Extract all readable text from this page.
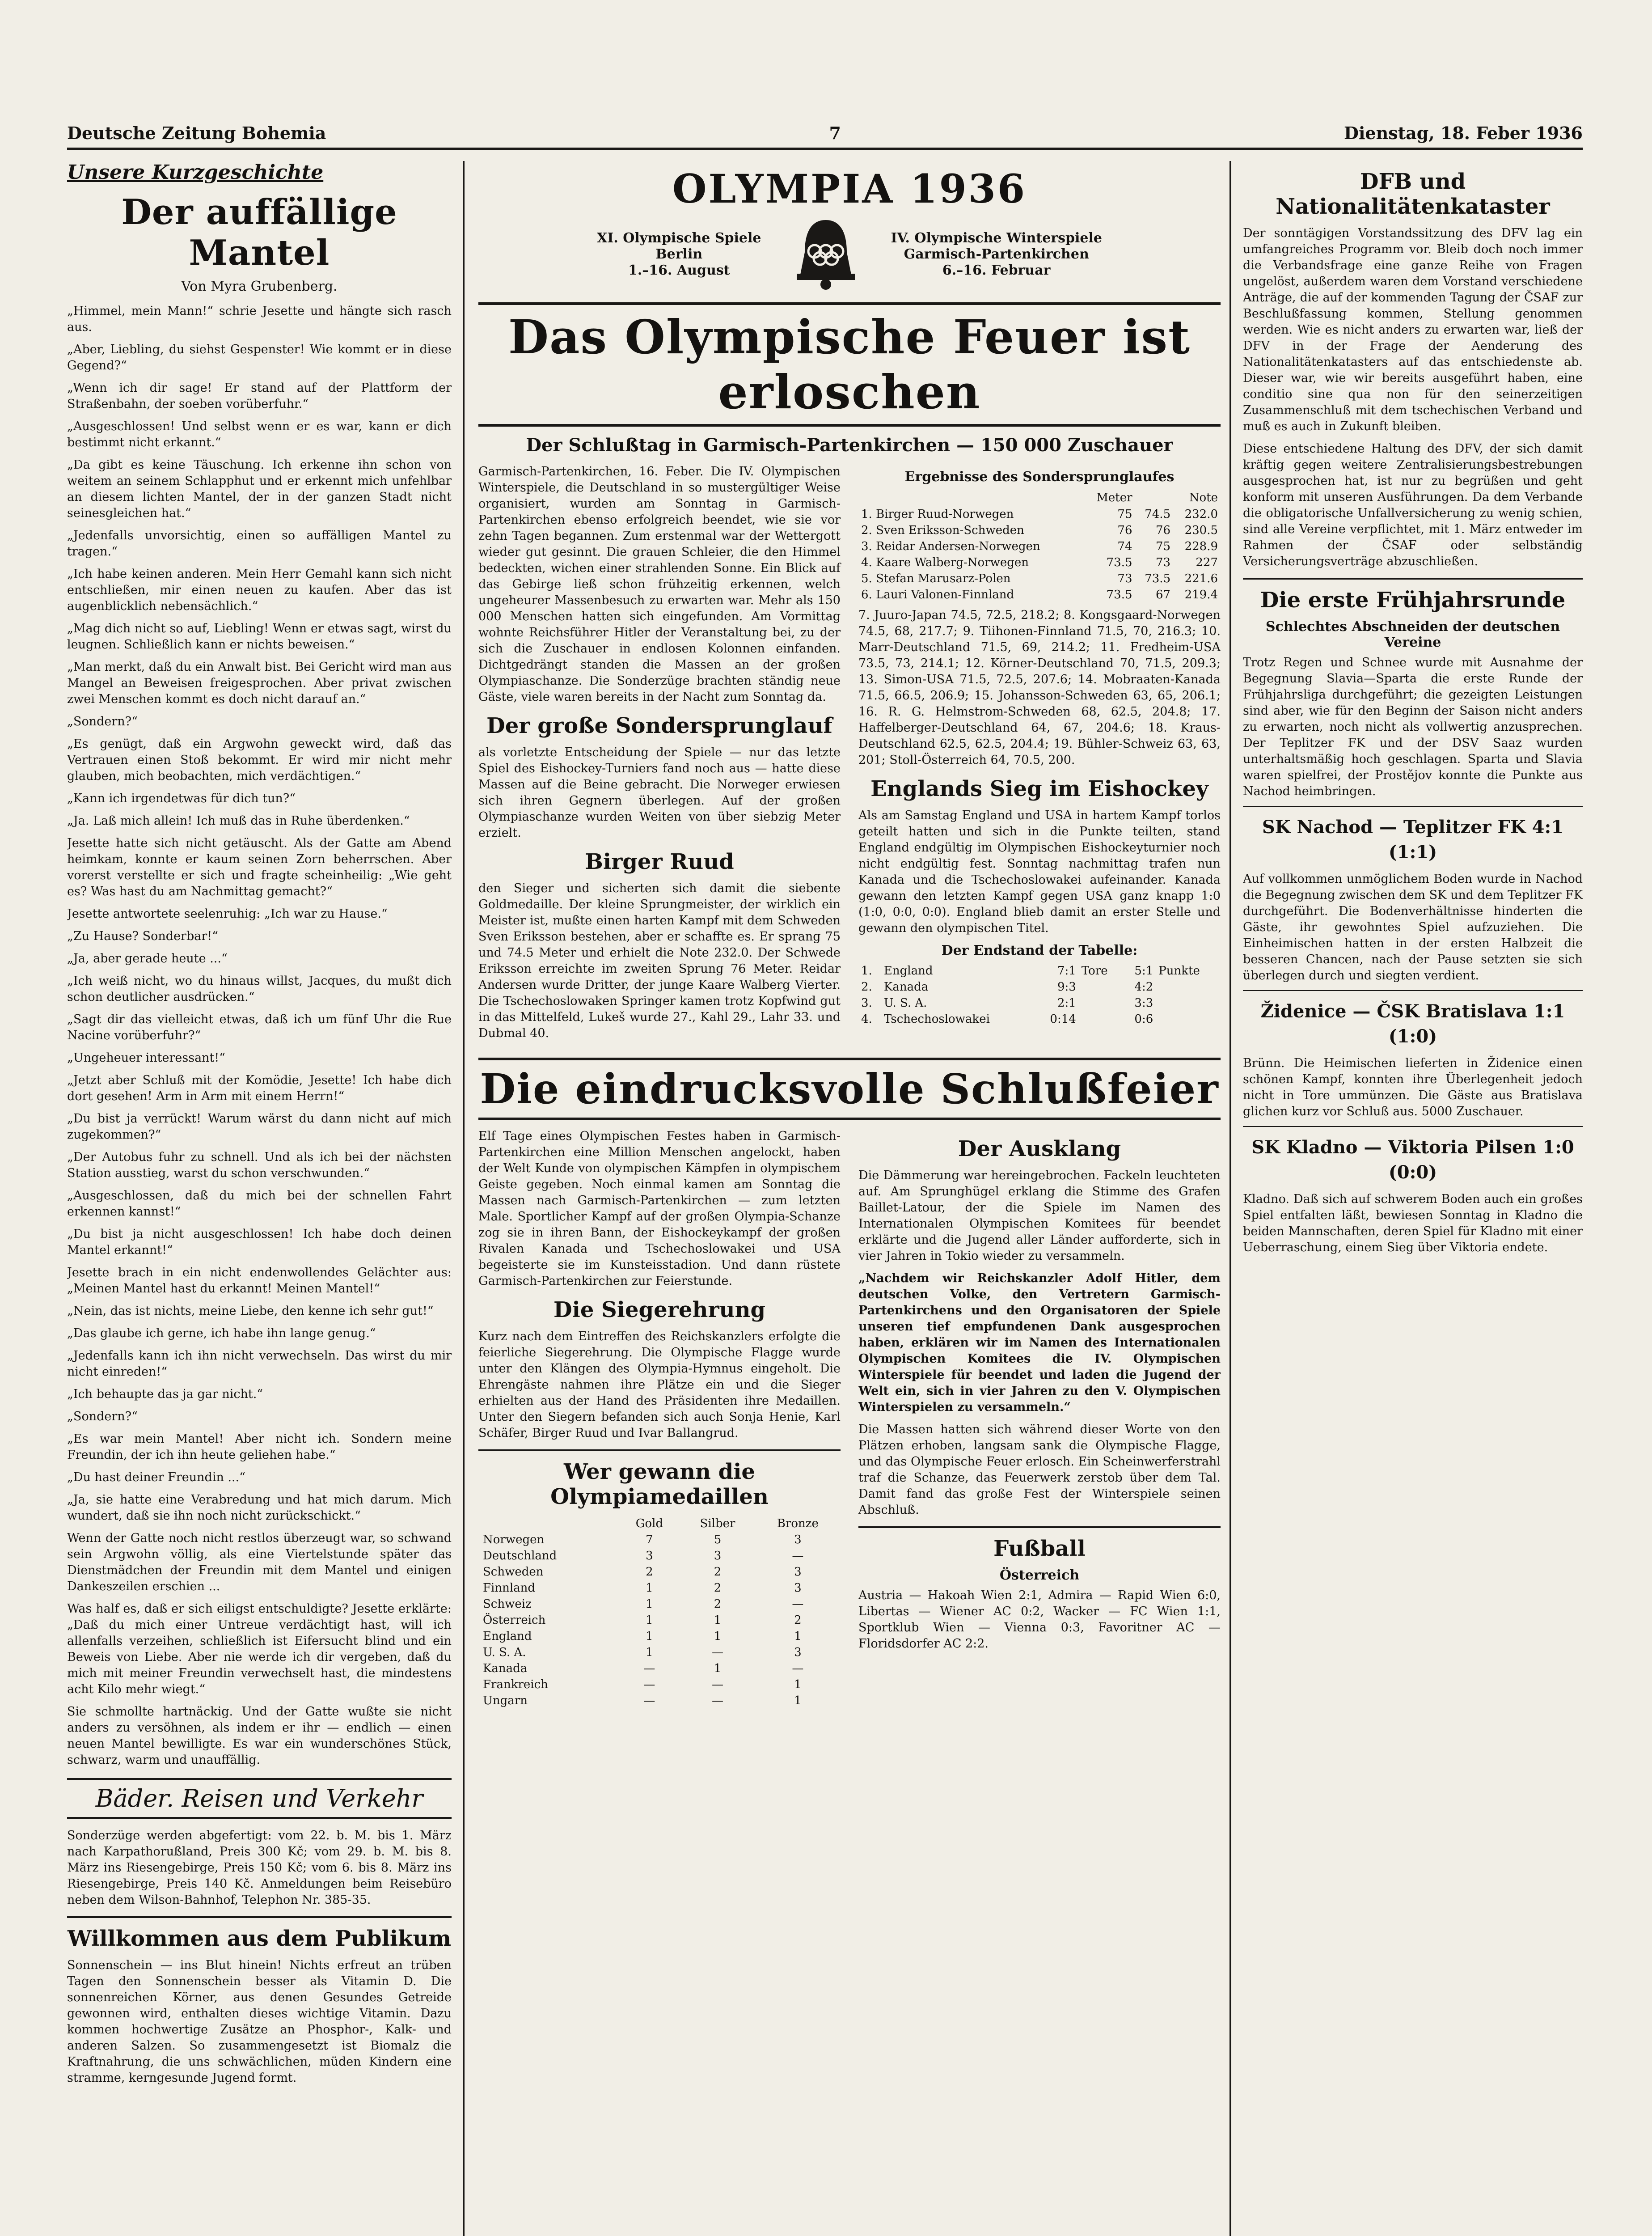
Deutsche Zeitung Bohemia	7	Dienstag, 18. Feber 1936
Unsere Kurzgeschichte
Der auffällige Mantel
Von Myra Grubenberg.

„Himmel, mein Mann!“ schrie Jesette und hängte sich rasch aus.

„Aber, Liebling, du siehst Gespenster! Wie kommt er in diese Gegend?“

„Wenn ich dir sage! Er stand auf der Plattform der Straßenbahn, der soeben vorüberfuhr.“

„Ausgeschlossen! Und selbst wenn er es war, kann er dich bestimmt nicht erkannt.“

„Da gibt es keine Täuschung. Ich erkenne ihn schon von weitem an seinem Schlapphut und er erkennt mich unfehlbar an diesem lichten Mantel, der in der ganzen Stadt nicht seinesgleichen hat.“

„Jedenfalls unvorsichtig, einen so auffälligen Mantel zu tragen.“

„Ich habe keinen anderen. Mein Herr Gemahl kann sich nicht entschließen, mir einen neuen zu kaufen. Aber das ist augenblicklich nebensächlich.“

„Mag dich nicht so auf, Liebling! Wenn er etwas sagt, wirst du leugnen. Schließlich kann er nichts beweisen.“

„Man merkt, daß du ein Anwalt bist. Bei Gericht wird man aus Mangel an Beweisen freigesprochen. Aber privat zwischen zwei Menschen kommt es doch nicht darauf an.“

„Sondern?“

„Es genügt, daß ein Argwohn geweckt wird, daß das Vertrauen einen Stoß bekommt. Er wird mir nicht mehr glauben, mich beobachten, mich verdächtigen.“

„Kann ich irgendetwas für dich tun?“

„Ja. Laß mich allein! Ich muß das in Ruhe überdenken.“

Jesette hatte sich nicht getäuscht. Als der Gatte am Abend heimkam, konnte er kaum seinen Zorn beherrschen. Aber vorerst verstellte er sich und fragte scheinheilig: „Wie geht es? Was hast du am Nachmittag gemacht?“

Jesette antwortete seelenruhig: „Ich war zu Hause.“

„Zu Hause? Sonderbar!“

„Ja, aber gerade heute ...“

„Ich weiß nicht, wo du hinaus willst, Jacques, du mußt dich schon deutlicher ausdrücken.“

„Sagt dir das vielleicht etwas, daß ich um fünf Uhr die Rue Nacine vorüberfuhr?“

„Ungeheuer interessant!“

„Jetzt aber Schluß mit der Komödie, Jesette! Ich habe dich dort gesehen! Arm in Arm mit einem Herrn!“

„Du bist ja verrückt! Warum wärst du dann nicht auf mich zugekommen?“

„Der Autobus fuhr zu schnell. Und als ich bei der nächsten Station ausstieg, warst du schon verschwunden.“

„Ausgeschlossen, daß du mich bei der schnellen Fahrt erkennen kannst!“

„Du bist ja nicht ausgeschlossen! Ich habe doch deinen Mantel erkannt!“

Jesette brach in ein nicht endenwollendes Gelächter aus: „Meinen Mantel hast du erkannt! Meinen Mantel!“

„Nein, das ist nichts, meine Liebe, den kenne ich sehr gut!“

„Das glaube ich gerne, ich habe ihn lange genug.“

„Jedenfalls kann ich ihn nicht verwechseln. Das wirst du mir nicht einreden!“

„Ich behaupte das ja gar nicht.“

„Sondern?“

„Es war mein Mantel! Aber nicht ich. Sondern meine Freundin, der ich ihn heute geliehen habe.“

„Du hast deiner Freundin ...“

„Ja, sie hatte eine Verabredung und hat mich darum. Mich wundert, daß sie ihn noch nicht zurückschickt.“

Wenn der Gatte noch nicht restlos überzeugt war, so schwand sein Argwohn völlig, als eine Viertelstunde später das Dienstmädchen der Freundin mit dem Mantel und einigen Dankeszeilen erschien ...

Was half es, daß er sich eiligst entschuldigte? Jesette erklärte: „Daß du mich einer Untreue verdächtigt hast, will ich allenfalls verzeihen, schließlich ist Eifersucht blind und ein Beweis von Liebe. Aber nie werde ich dir vergeben, daß du mich mit meiner Freundin verwechselt hast, die mindestens acht Kilo mehr wiegt.“

Sie schmollte hartnäckig. Und der Gatte wußte sie nicht anders zu versöhnen, als indem er ihr — endlich — einen neuen Mantel bewilligte. Es war ein wunderschönes Stück, schwarz, warm und unauffällig.

Bäder. Reisen und Verkehr

Sonderzüge werden abgefertigt: vom 22. b. M. bis 1. März nach Karpathorußland, Preis 300 Kč; vom 29. b. M. bis 8. März ins Riesengebirge, Preis 150 Kč; vom 6. bis 8. März ins Riesengebirge, Preis 140 Kč. Anmeldungen beim Reisebüro neben dem Wilson-Bahnhof, Telephon Nr. 385-35.

Willkommen aus dem Publikum

Sonnenschein — ins Blut hinein! Nichts erfreut an trüben Tagen den Sonnenschein besser als Vitamin D. Die sonnenreichen Körner, aus denen Gesundes Getreide gewonnen wird, enthalten dieses wichtige Vitamin. Dazu kommen hochwertige Zusätze an Phosphor-, Kalk- und anderen Salzen. So zusammengesetzt ist Biomalz die Kraftnahrung, die uns schwächlichen, müden Kindern eine stramme, kerngesunde Jugend formt.

OLYMPIA 1936
XI. Olympische Spiele
Berlin
1.–16. August
IV. Olympische Winterspiele
Garmisch-Partenkirchen
6.–16. Februar
Das Olympische Feuer ist erloschen
Der Schlußtag in Garmisch-Partenkirchen — 150 000 Zuschauer

Garmisch-Partenkirchen, 16. Feber. Die IV. Olympischen Winterspiele, die Deutschland in so mustergültiger Weise organisiert, wurden am Sonntag in Garmisch-Partenkirchen ebenso erfolgreich beendet, wie sie vor zehn Tagen begannen. Zum erstenmal war der Wettergott wieder gut gesinnt. Die grauen Schleier, die den Himmel bedeckten, wichen einer strahlenden Sonne. Ein Blick auf das Gebirge ließ schon frühzeitig erkennen, welch ungeheurer Massenbesuch zu erwarten war. Mehr als 150 000 Menschen hatten sich eingefunden. Am Vormittag wohnte Reichsführer Hitler der Veranstaltung bei, zu der sich die Zuschauer in endlosen Kolonnen einfanden. Dichtgedrängt standen die Massen an der großen Olympiaschanze. Die Sonderzüge brachten ständig neue Gäste, viele waren bereits in der Nacht zum Sonntag da.

Der große Sondersprunglauf

als vorletzte Entscheidung der Spiele — nur das letzte Spiel des Eishockey-Turniers fand noch aus — hatte diese Massen auf die Beine gebracht. Die Norweger erwiesen sich ihren Gegnern überlegen. Auf der großen Olympiaschanze wurden Weiten von über siebzig Meter erzielt.

Birger Ruud

den Sieger und sicherten sich damit die siebente Goldmedaille. Der kleine Sprungmeister, der wirklich ein Meister ist, mußte einen harten Kampf mit dem Schweden Sven Eriksson bestehen, aber er schaffte es. Er sprang 75 und 74.5 Meter und erhielt die Note 232.0. Der Schwede Eriksson erreichte im zweiten Sprung 76 Meter. Reidar Andersen wurde Dritter, der junge Kaare Walberg Vierter. Die Tschechoslowaken Springer kamen trotz Kopfwind gut in das Mittelfeld, Lukeš wurde 27., Kahl 29., Lahr 33. und Dubmal 40.

Ergebnisse des Sondersprunglaufes
	Meter		Note
1. Birger Ruud-Norwegen	75	74.5	232.0
2. Sven Eriksson-Schweden	76	76	230.5
3. Reidar Andersen-Norwegen	74	75	228.9
4. Kaare Walberg-Norwegen	73.5	73	227
5. Stefan Marusarz-Polen	73	73.5	221.6
6. Lauri Valonen-Finnland	73.5	67	219.4

7. Juuro-Japan 74.5, 72.5, 218.2; 8. Kongsgaard-Norwegen 74.5, 68, 217.7; 9. Tiihonen-Finnland 71.5, 70, 216.3; 10. Marr-Deutschland 71.5, 69, 214.2; 11. Fredheim-USA 73.5, 73, 214.1; 12. Körner-Deutschland 70, 71.5, 209.3; 13. Simon-USA 71.5, 72.5, 207.6; 14. Mobraaten-Kanada 71.5, 66.5, 206.9; 15. Johansson-Schweden 63, 65, 206.1; 16. R. G. Helmstrom-Schweden 68, 62.5, 204.8; 17. Haffelberger-Deutschland 64, 67, 204.6; 18. Kraus-Deutschland 62.5, 62.5, 204.4; 19. Bühler-Schweiz 63, 63, 201; Stoll-Österreich 64, 70.5, 200.

Englands Sieg im Eishockey

Als am Samstag England und USA in hartem Kampf torlos geteilt hatten und sich in die Punkte teilten, stand England endgültig im Olympischen Eishockeyturnier noch nicht endgültig fest. Sonntag nachmittag trafen nun Kanada und die Tschechoslowakei aufeinander. Kanada gewann den letzten Kampf gegen USA ganz knapp 1:0 (1:0, 0:0, 0:0). England blieb damit an erster Stelle und gewann den olympischen Titel.

Der Endstand der Tabelle:
1.	England	7:1	Tore	5:1	Punkte
2.	Kanada	9:3		4:2	
3.	U. S. A.	2:1		3:3	
4.	Tschechoslowakei	0:14		0:6	
Die eindrucksvolle Schlußfeier

Elf Tage eines Olympischen Festes haben in Garmisch-Partenkirchen eine Million Menschen angelockt, haben der Welt Kunde von olympischen Kämpfen in olympischem Geiste gegeben. Noch einmal kamen am Sonntag die Massen nach Garmisch-Partenkirchen — zum letzten Male. Sportlicher Kampf auf der großen Olympia-Schanze zog sie in ihren Bann, der Eishockeykampf der großen Rivalen Kanada und Tschechoslowakei und USA begeisterte sie im Kunsteisstadion. Und dann rüstete Garmisch-Partenkirchen zur Feierstunde.

Die Siegerehrung

Kurz nach dem Eintreffen des Reichskanzlers erfolgte die feierliche Siegerehrung. Die Olympische Flagge wurde unter den Klängen des Olympia-Hymnus eingeholt. Die Ehrengäste nahmen ihre Plätze ein und die Sieger erhielten aus der Hand des Präsidenten ihre Medaillen. Unter den Siegern befanden sich auch Sonja Henie, Karl Schäfer, Birger Ruud und Ivar Ballangrud.

Wer gewann die Olympiamedaillen
	Gold	Silber	Bronze
Norwegen	7	5	3
Deutschland	3	3	—
Schweden	2	2	3
Finnland	1	2	3
Schweiz	1	2	—
Österreich	1	1	2
England	1	1	1
U. S. A.	1	—	3
Kanada	—	1	—
Frankreich	—	—	1
Ungarn	—	—	1
Der Ausklang

Die Dämmerung war hereingebrochen. Fackeln leuchteten auf. Am Sprunghügel erklang die Stimme des Grafen Baillet-Latour, der die Spiele im Namen des Internationalen Olympischen Komitees für beendet erklärte und die Jugend aller Länder aufforderte, sich in vier Jahren in Tokio wieder zu versammeln.

„Nachdem wir Reichskanzler Adolf Hitler, dem deutschen Volke, den Vertretern Garmisch-Partenkirchens und den Organisatoren der Spiele unseren tief empfundenen Dank ausgesprochen haben, erklären wir im Namen des Internationalen Olympischen Komitees die IV. Olympischen Winterspiele für beendet und laden die Jugend der Welt ein, sich in vier Jahren zu den V. Olympischen Winterspielen zu versammeln.“

Die Massen hatten sich während dieser Worte von den Plätzen erhoben, langsam sank die Olympische Flagge, und das Olympische Feuer erlosch. Ein Scheinwerferstrahl traf die Schanze, das Feuerwerk zerstob über dem Tal. Damit fand das große Fest der Winterspiele seinen Abschluß.

Fußball
Österreich

Austria — Hakoah Wien 2:1, Admira — Rapid Wien 6:0, Libertas — Wiener AC 0:2, Wacker — FC Wien 1:1, Sportklub Wien — Vienna 0:3, Favoritner AC — Floridsdorfer AC 2:2.

DFB und Nationalitätenkataster

Der sonntägigen Vorstandssitzung des DFV lag ein umfangreiches Programm vor. Bleib doch noch immer die Verbandsfrage eine ganze Reihe von Fragen ungelöst, außerdem waren dem Vorstand verschiedene Anträge, die auf der kommenden Tagung der ČSAF zur Beschlußfassung kommen, Stellung genommen werden. Wie es nicht anders zu erwarten war, ließ der DFV in der Frage der Aenderung des Nationalitätenkatasters auf das entschiedenste ab. Dieser war, wie wir bereits ausgeführt haben, eine conditio sine qua non für den seinerzeitigen Zusammenschluß mit dem tschechischen Verband und muß es auch in Zukunft bleiben.

Diese entschiedene Haltung des DFV, der sich damit kräftig gegen weitere Zentralisierungsbestrebungen ausgesprochen hat, ist nur zu begrüßen und geht konform mit unseren Ausführungen. Da dem Verbande die obligatorische Unfallversicherung zu wenig schien, sind alle Vereine verpflichtet, mit 1. März entweder im Rahmen der ČSAF oder selbständig Versicherungsverträge abzuschließen.

Die erste Frühjahrsrunde
Schlechtes Abschneiden der deutschen Vereine

Trotz Regen und Schnee wurde mit Ausnahme der Begegnung Slavia—Sparta die erste Runde der Frühjahrsliga durchgeführt; die gezeigten Leistungen sind aber, wie für den Beginn der Saison nicht anders zu erwarten, noch nicht als vollwertig anzusprechen. Der Teplitzer FK und der DSV Saaz wurden unterhaltsmäßig hoch geschlagen. Sparta und Slavia waren spielfrei, der Prostějov konnte die Punkte aus Nachod heimbringen.

SK Nachod — Teplitzer FK 4:1 (1:1)

Auf vollkommen unmöglichem Boden wurde in Nachod die Begegnung zwischen dem SK und dem Teplitzer FK durchgeführt. Die Bodenverhältnisse hinderten die Gäste, ihr gewohntes Spiel aufzuziehen. Die Einheimischen hatten in der ersten Halbzeit die besseren Chancen, nach der Pause setzten sie sich überlegen durch und siegten verdient.

Židenice — ČSK Bratislava 1:1 (1:0)

Brünn. Die Heimischen lieferten in Židenice einen schönen Kampf, konnten ihre Überlegenheit jedoch nicht in Tore ummünzen. Die Gäste aus Bratislava glichen kurz vor Schluß aus. 5000 Zuschauer.

SK Kladno — Viktoria Pilsen 1:0 (0:0)

Kladno. Daß sich auf schwerem Boden auch ein großes Spiel entfalten läßt, bewiesen Sonntag in Kladno die beiden Mannschaften, deren Spiel für Kladno mit einer Ueberraschung, einem Sieg über Viktoria endete.
